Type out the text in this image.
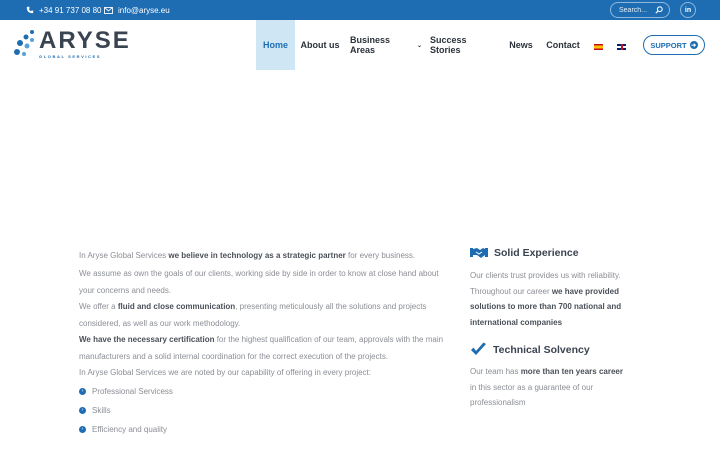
+34 91 737 08 80 info@aryse.eu
Search...	in
ARYSE
GLOBAL SERVICES
Home About us Business Areas	⌄
Success Stories	News Contact	SUPPORT ➜

In Aryse Global Services we believe in technology as a strategic partner for every business.

We assume as own the goals of our clients, working side by side in order to know at close hand about your concerns and needs.

We offer a fluid and close communication, presenting meticulously all the solutions and projects considered, as well as our work methodology.

We have the necessary certification for the highest qualification of our team, approvals with the main manufacturers and a solid internal coordination for the correct execution of the projects.

In Aryse Global Services we are noted by our capability of offering in every project:

›	Professional Servicess
›	Skills
›	Efficiency and quality
Solid Experience

Our clients trust provides us with reliability. Throughout our career we have provided solutions to more than 700 national and international companies

Technical Solvency

Our team has more than ten years career in this sector as a guarantee of our professionalism
